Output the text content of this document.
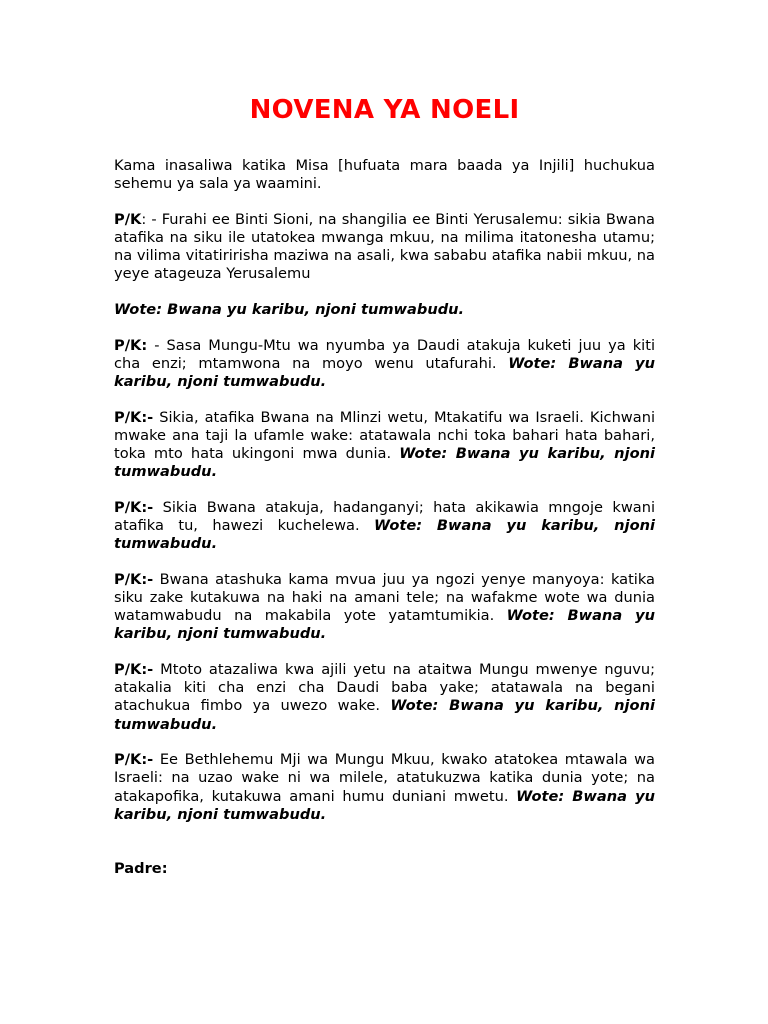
NOVENA YA NOELI

Kama inasaliwa katika Misa [hufuata mara baada ya Injili] huchukua sehemu ya sala ya waamini.

P/K: - Furahi ee Binti Sioni, na shangilia ee Binti Yerusalemu: sikia Bwana atafika na siku ile utatokea mwanga mkuu, na milima itatonesha utamu; na vilima vitatiririsha maziwa na asali, kwa sababu atafika nabii mkuu, na yeye atageuza Yerusalemu

Wote: Bwana yu karibu, njoni tumwabudu.

P/K: - Sasa Mungu-Mtu wa nyumba ya Daudi atakuja kuketi juu ya kiti cha enzi; mtamwona na moyo wenu utafurahi. Wote: Bwana yu karibu, njoni tumwabudu.

P/K:- Sikia, atafika Bwana na Mlinzi wetu, Mtakatifu wa Israeli. Kichwani mwake ana taji la ufamle wake: atatawala nchi toka bahari hata bahari, toka mto hata ukingoni mwa dunia. Wote: Bwana yu karibu, njoni tumwabudu.

P/K:- Sikia Bwana atakuja, hadanganyi; hata akikawia mngoje kwani atafika tu, hawezi kuchelewa. Wote: Bwana yu karibu, njoni tumwabudu.

P/K:- Bwana atashuka kama mvua juu ya ngozi yenye manyoya: katika siku zake kutakuwa na haki na amani tele; na wafakme wote wa dunia watamwabudu na makabila yote yatamtumikia. Wote: Bwana yu karibu, njoni tumwabudu.

P/K:- Mtoto atazaliwa kwa ajili yetu na ataitwa Mungu mwenye nguvu; atakalia kiti cha enzi cha Daudi baba yake; atatawala na begani atachukua fimbo ya uwezo wake. Wote: Bwana yu karibu, njoni tumwabudu.

P/K:- Ee Bethlehemu Mji wa Mungu Mkuu, kwako atatokea mtawala wa Israeli: na uzao wake ni wa milele, atatukuzwa katika dunia yote; na atakapofika, kutakuwa amani humu duniani mwetu. Wote: Bwana yu karibu, njoni tumwabudu.

Padre:
